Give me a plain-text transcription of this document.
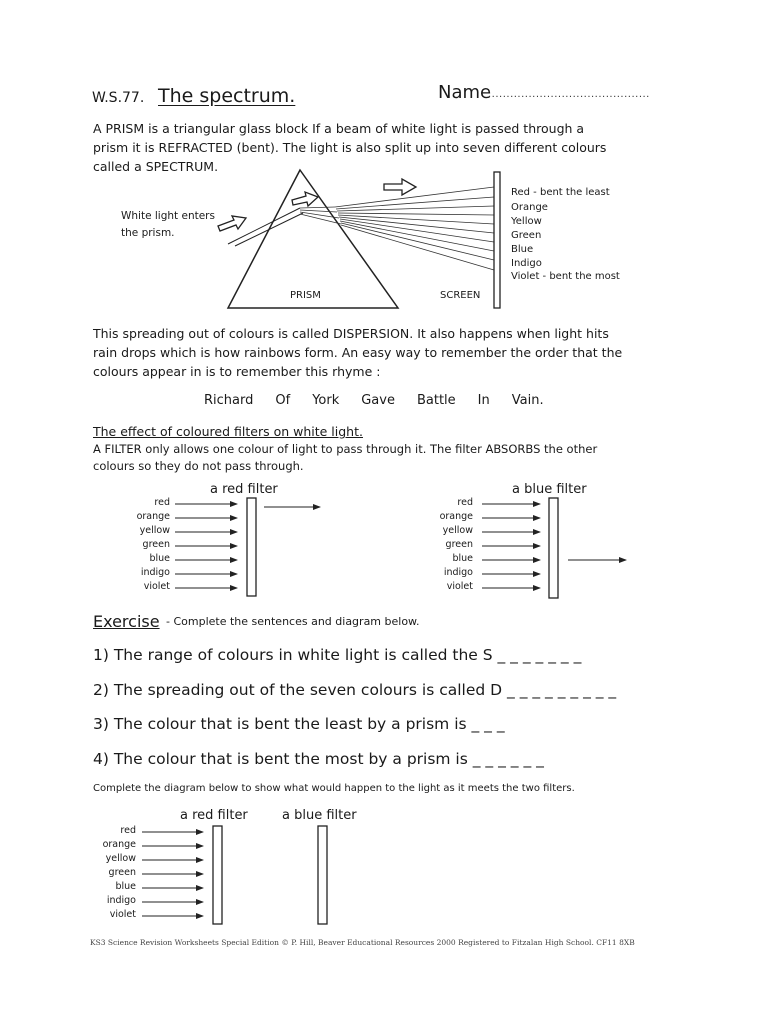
W.S.77. The spectrum.	Name
............................................
A PRISM is a triangular glass block If a beam of white light is passed through a
prism it is REFRACTED (bent). The light is also split up into seven different colours
called a SPECTRUM.
White light enters
the prism.
PRISM	SCREEN
Red - bent the least
Orange
Yellow
Green
Blue
Indigo
Violet - bent the most
This spreading out of colours is called DISPERSION. It also happens when light hits
rain drops which is how rainbows form. An easy way to remember the order that the
colours appear in is to remember this rhyme :
Richard Of York Gave Battle In Vain.
The effect of coloured filters on white light.
A FILTER only allows one colour of light to pass through it. The filter ABSORBS the other
colours so they do not pass through.
a red filter	a blue filter
red
orange
yellow
green
blue
indigo
violet
red
orange
yellow
green
blue
indigo
violet
Exercise - Complete the sentences and diagram below.
1) The range of colours in white light is called the S _ _ _ _ _ _ _
2) The spreading out of the seven colours is called D _ _ _ _ _ _ _ _ _
3) The colour that is bent the least by a prism is _ _ _
4) The colour that is bent the most by a prism is _ _ _ _ _ _
Complete the diagram below to show what would happen to the light as it meets the two filters.
a red filter	a blue filter
red
orange
yellow
green
blue
indigo
violet
KS3 Science Revision Worksheets Special Edition © P. Hill, Beaver Educational Resources 2000 Registered to Fitzalan High School. CF11 8XB
